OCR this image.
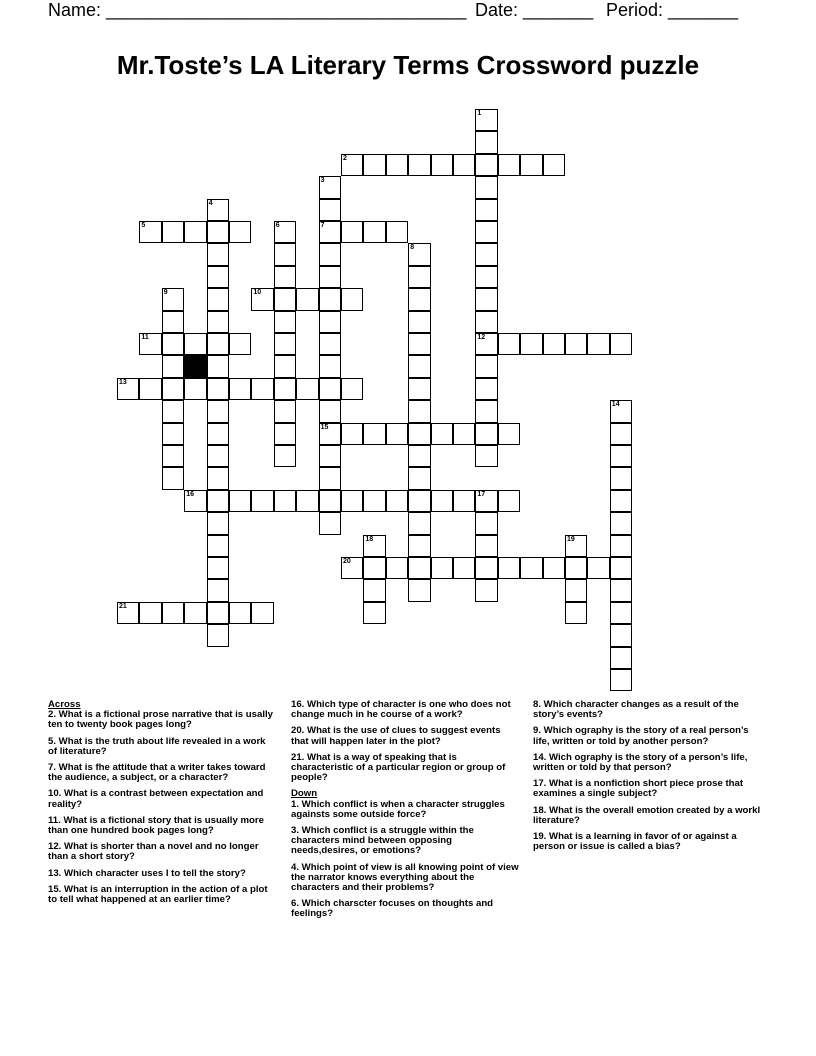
Name: ____________________________________ Date: _______ Period: _______
Mr.Toste’s LA Literary Terms Crossword puzzle
1
12
2
3
7
15
4
5	6
8
9	10
11
13
14
16	17
18	19
20
21
Across
2. What is a fictional prose narrative that is usally ten to twenty book pages long?
5. What is the truth about life revealed in a work of literature?
7. What is fhe attitude that a writer takes toward the audience, a subject, or a character?
10. What is a contrast between expectation and reality?
11. What is a fictional story that is usually more than one hundred book pages long?
12. What is shorter than a novel and no longer than a short story?
13. Which character uses I to tell the story?
15. What is an interruption in the action of a plot to tell what happened at an earlier time?
16. Which type of character is one who does not change much in he course of a work?
20. What is the use of clues to suggest events that will happen later in the plot?
21. What is a way of speaking that is characteristic of a particular region or group of people?
Down
1. Which conflict is when a character struggles againsts some outside force?
3. Which conflict is a struggle within the characters mind between opposing needs,desires, or emotions?
4. Which point of view is all knowing point of view the narrator knows everything about the characters and their problems?
6. Which charscter focuses on thoughts and feelings?
8. Which character changes as a result of the story’s events?
9. Which ography is the story of a real person’s life, written or told by another person?
14. Wich ography is the story of a person’s life, written or told by that person?
17. What is a nonfiction short piece prose that examines a single subject?
18. What is the overall emotion created by a workl literature?
19. What is a learning in favor of or against a person or issue is called a bias?
